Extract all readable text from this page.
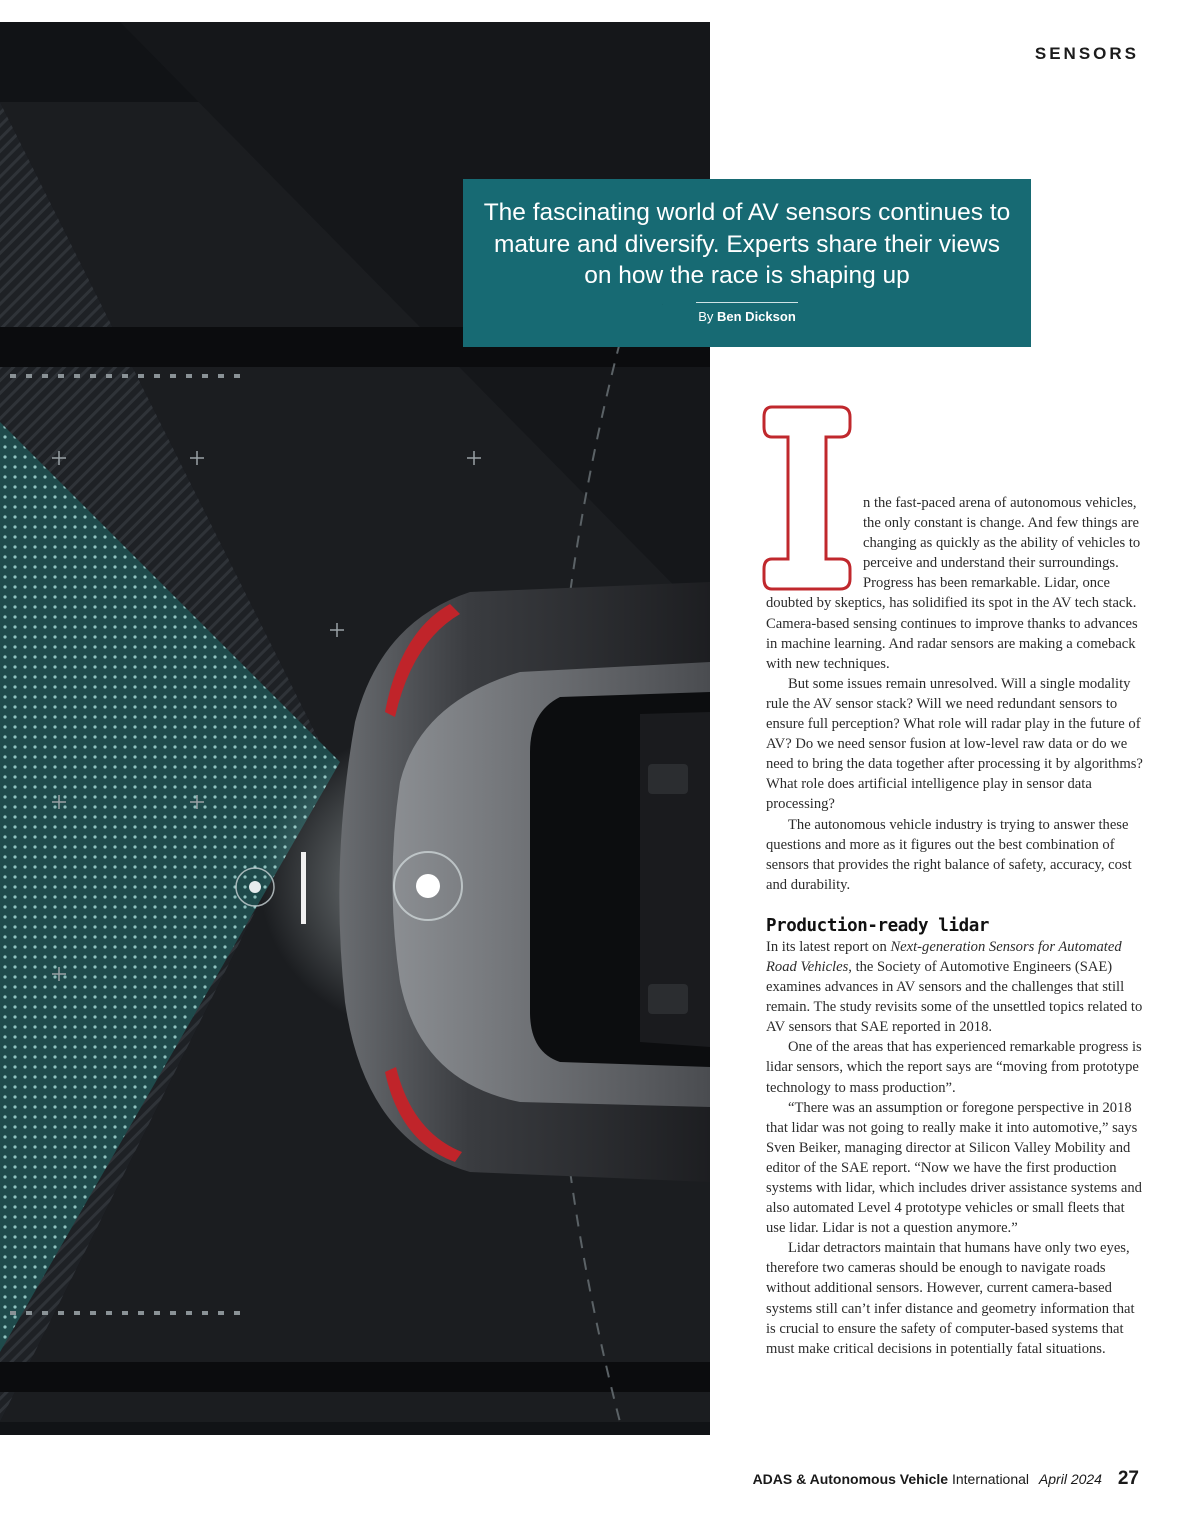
SENSORS
The fascinating world of AV sensors continues to mature and diversify. Experts share their views on how the race is shaping up
By Ben Dickson
I

n the fast-paced arena of autonomous vehicles, the only constant is change. And few things are changing as quickly as the ability of vehicles to perceive and understand their surroundings. Progress has been remarkable. Lidar, once doubted by skeptics, has solidified its spot in the AV tech stack. Camera-based sensing continues to improve thanks to advances in machine learning. And radar sensors are making a comeback with new techniques.

But some issues remain unresolved. Will a single modality rule the AV sensor stack? Will we need redundant sensors to ensure full perception? What role will radar play in the future of AV? Do we need sensor fusion at low-level raw data or do we need to bring the data together after processing it by algorithms? What role does artificial intelligence play in sensor data processing?

The autonomous vehicle industry is trying to answer these questions and more as it figures out the best combination of sensors that provides the right balance of safety, accuracy, cost and durability.

Production-ready lidar

In its latest report on Next-generation Sensors for Automated Road Vehicles, the Society of Automotive Engineers (SAE) examines advances in AV sensors and the challenges that still remain. The study revisits some of the unsettled topics related to AV sensors that SAE reported in 2018.

One of the areas that has experienced remarkable progress is lidar sensors, which the report says are “moving from prototype technology to mass production”.

“There was an assumption or foregone perspective in 2018 that lidar was not going to really make it into automotive,” says Sven Beiker, managing director at Silicon Valley Mobility and editor of the SAE report. “Now we have the first production systems with lidar, which includes driver assistance systems and also automated Level 4 prototype vehicles or small fleets that use lidar. Lidar is not a question anymore.”

Lidar detractors maintain that humans have only two eyes, therefore two cameras should be enough to navigate roads without additional sensors. However, current camera-based systems still can’t infer distance and geometry information that is crucial to ensure the safety of computer-based systems that must make critical decisions in potentially fatal situations.

ADAS & Autonomous Vehicle International April 2024 27
